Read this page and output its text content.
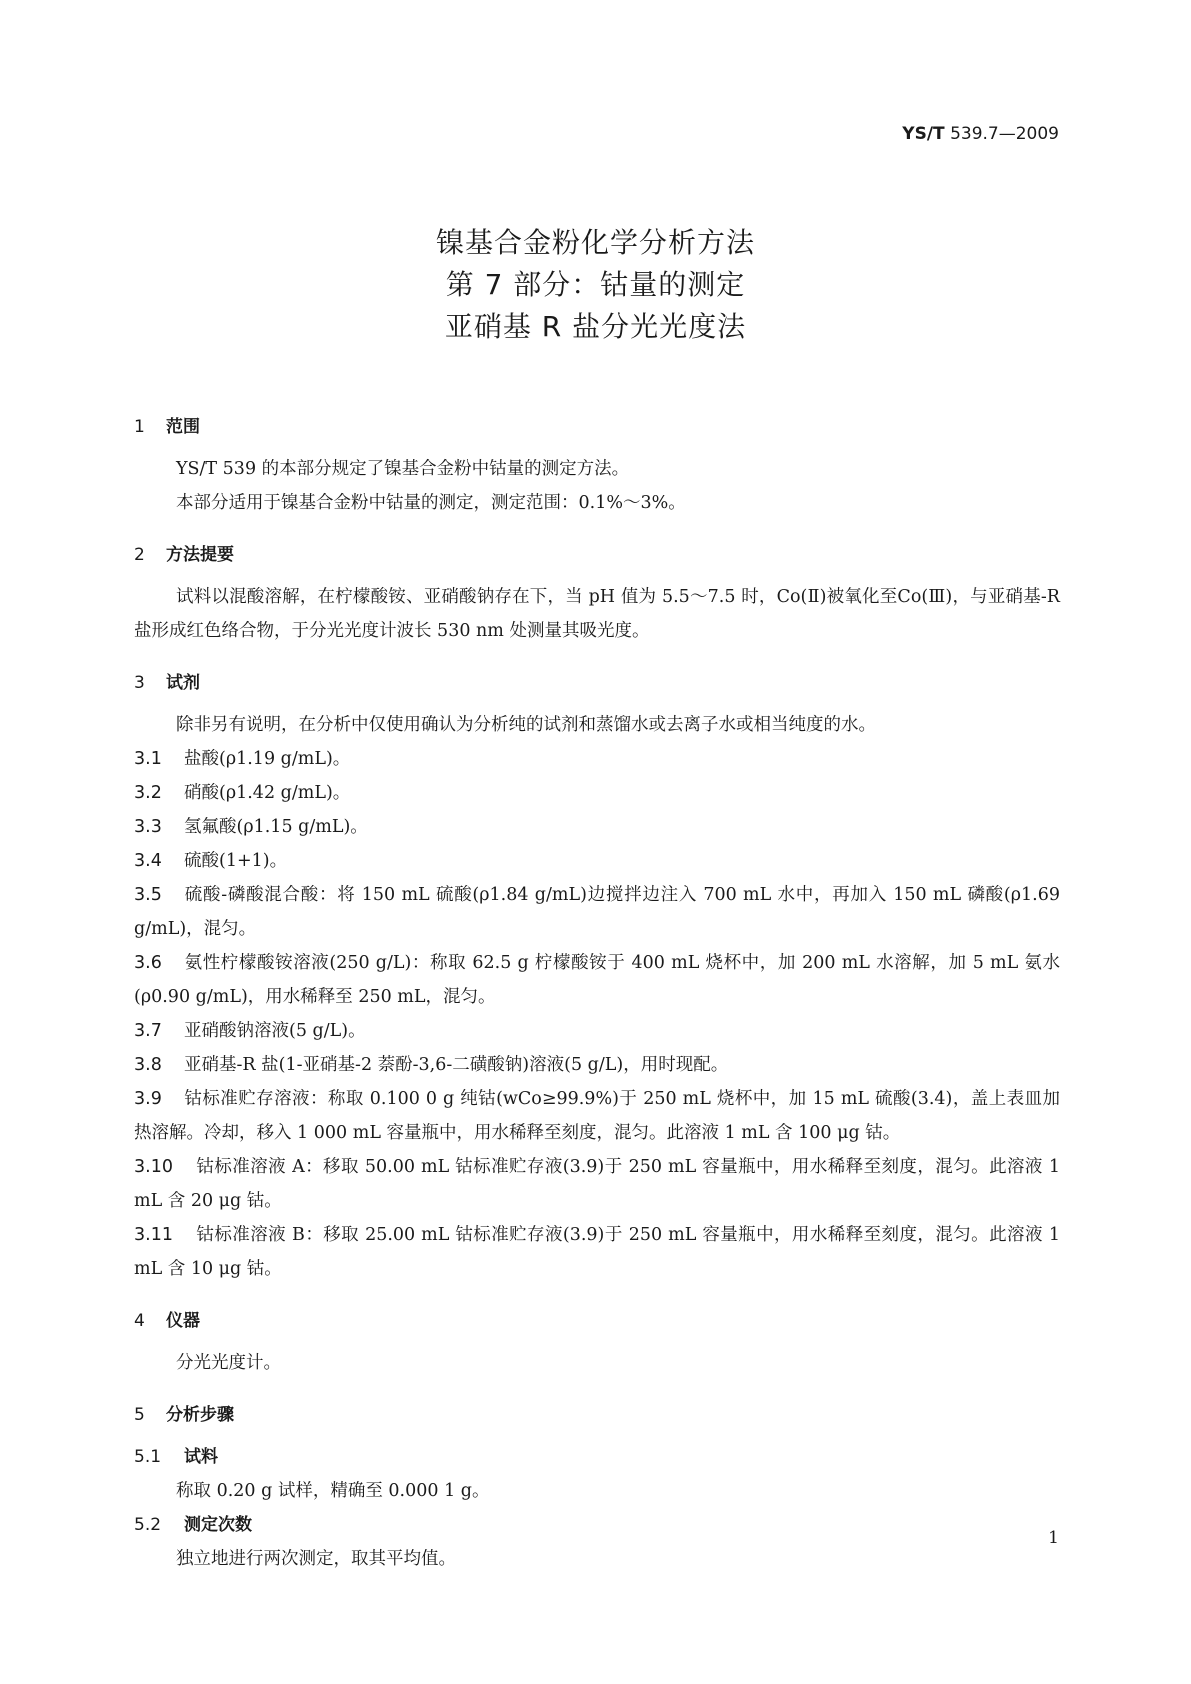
YS/T 539.7—2009
镍基合金粉化学分析方法
第 7 部分：钴量的测定
亚硝基 R 盐分光光度法
1 范围
YS/T 539 的本部分规定了镍基合金粉中钴量的测定方法。
本部分适用于镍基合金粉中钴量的测定，测定范围：0.1%～3%。
2 方法提要
试料以混酸溶解，在柠檬酸铵、亚硝酸钠存在下，当 pH 值为 5.5～7.5 时，Co(Ⅱ)被氧化至Co(Ⅲ)，与亚硝基-R 盐形成红色络合物，于分光光度计波长 530 nm 处测量其吸光度。
3 试剂
除非另有说明，在分析中仅使用确认为分析纯的试剂和蒸馏水或去离子水或相当纯度的水。
3.1 盐酸(ρ1.19 g/mL)。
3.2 硝酸(ρ1.42 g/mL)。
3.3 氢氟酸(ρ1.15 g/mL)。
3.4 硫酸(1+1)。
3.5 硫酸-磷酸混合酸：将 150 mL 硫酸(ρ1.84 g/mL)边搅拌边注入 700 mL 水中，再加入 150 mL 磷酸(ρ1.69 g/mL)，混匀。
3.6 氨性柠檬酸铵溶液(250 g/L)：称取 62.5 g 柠檬酸铵于 400 mL 烧杯中，加 200 mL 水溶解，加 5 mL 氨水(ρ0.90 g/mL)，用水稀释至 250 mL，混匀。
3.7 亚硝酸钠溶液(5 g/L)。
3.8 亚硝基-R 盐(1-亚硝基-2 萘酚-3,6-二磺酸钠)溶液(5 g/L)，用时现配。
3.9 钴标准贮存溶液：称取 0.100 0 g 纯钴(wCo≥99.9%)于 250 mL 烧杯中，加 15 mL 硫酸(3.4)，盖上表皿加热溶解。冷却，移入 1 000 mL 容量瓶中，用水稀释至刻度，混匀。此溶液 1 mL 含 100 μg 钴。
3.10 钴标准溶液 A：移取 50.00 mL 钴标准贮存液(3.9)于 250 mL 容量瓶中，用水稀释至刻度，混匀。此溶液 1 mL 含 20 μg 钴。
3.11 钴标准溶液 B：移取 25.00 mL 钴标准贮存液(3.9)于 250 mL 容量瓶中，用水稀释至刻度，混匀。此溶液 1 mL 含 10 μg 钴。
4 仪器
分光光度计。
5 分析步骤
5.1 试料
称取 0.20 g 试样，精确至 0.000 1 g。
5.2 测定次数
独立地进行两次测定，取其平均值。
1
